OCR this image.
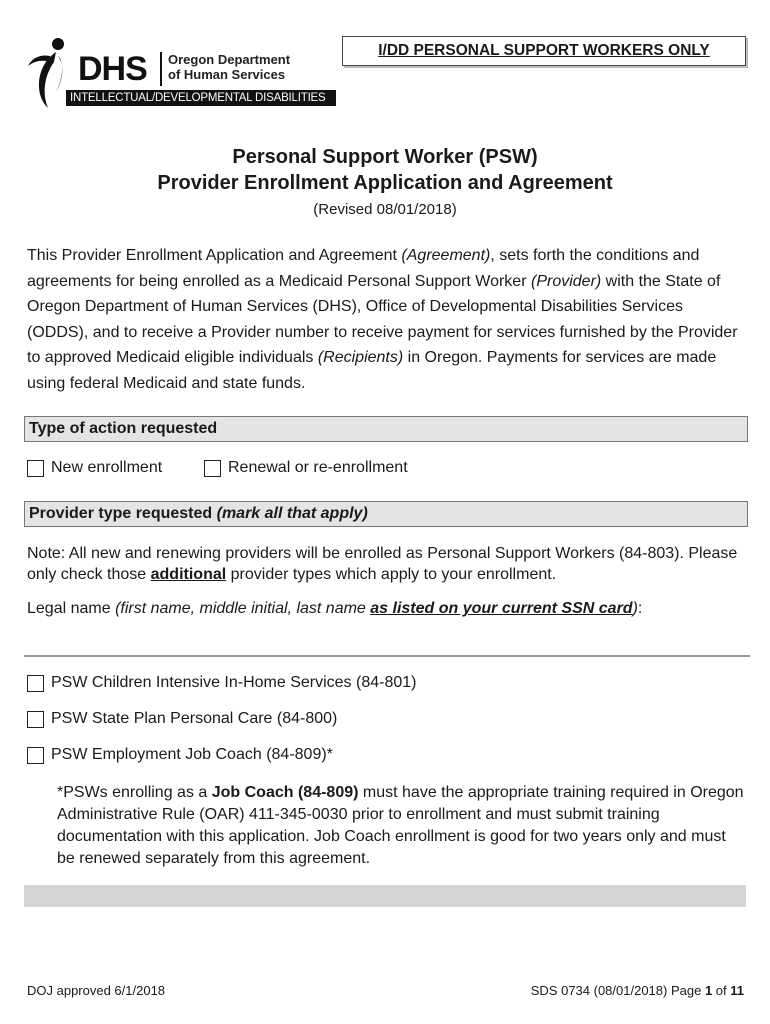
DHS Oregon Department
of Human Services
INTELLECTUAL/DEVELOPMENTAL DISABILITIES
I/DD PERSONAL SUPPORT WORKERS ONLY
Personal Support Worker (PSW)
Provider Enrollment Application and Agreement
(Revised 08/01/2018)
This Provider Enrollment Application and Agreement (Agreement), sets forth the conditions and agreements for being enrolled as a Medicaid Personal Support Worker (Provider) with the State of Oregon Department of Human Services (DHS), Office of Developmental Disabilities Services (ODDS), and to receive a Provider number to receive payment for services furnished by the Provider to approved Medicaid eligible individuals (Recipients) in Oregon. Payments for services are made using federal Medicaid and state funds.
Type of action requested
New enrollment	Renewal or re-enrollment
Provider type requested (mark all that apply)
Note: All new and renewing providers will be enrolled as Personal Support Workers (84-803). Please only check those additional provider types which apply to your enrollment.
Legal name (first name, middle initial, last name as listed on your current SSN card):
PSW Children Intensive In-Home Services (84-801)
PSW State Plan Personal Care (84-800)
PSW Employment Job Coach (84-809)*
*PSWs enrolling as a Job Coach (84-809) must have the appropriate training required in Oregon Administrative Rule (OAR) 411-345-0030 prior to enrollment and must submit training documentation with this application. Job Coach enrollment is good for two years only and must be renewed separately from this agreement.
DOJ approved 6/1/2018	SDS 0734 (08/01/2018) Page 1 of 11
